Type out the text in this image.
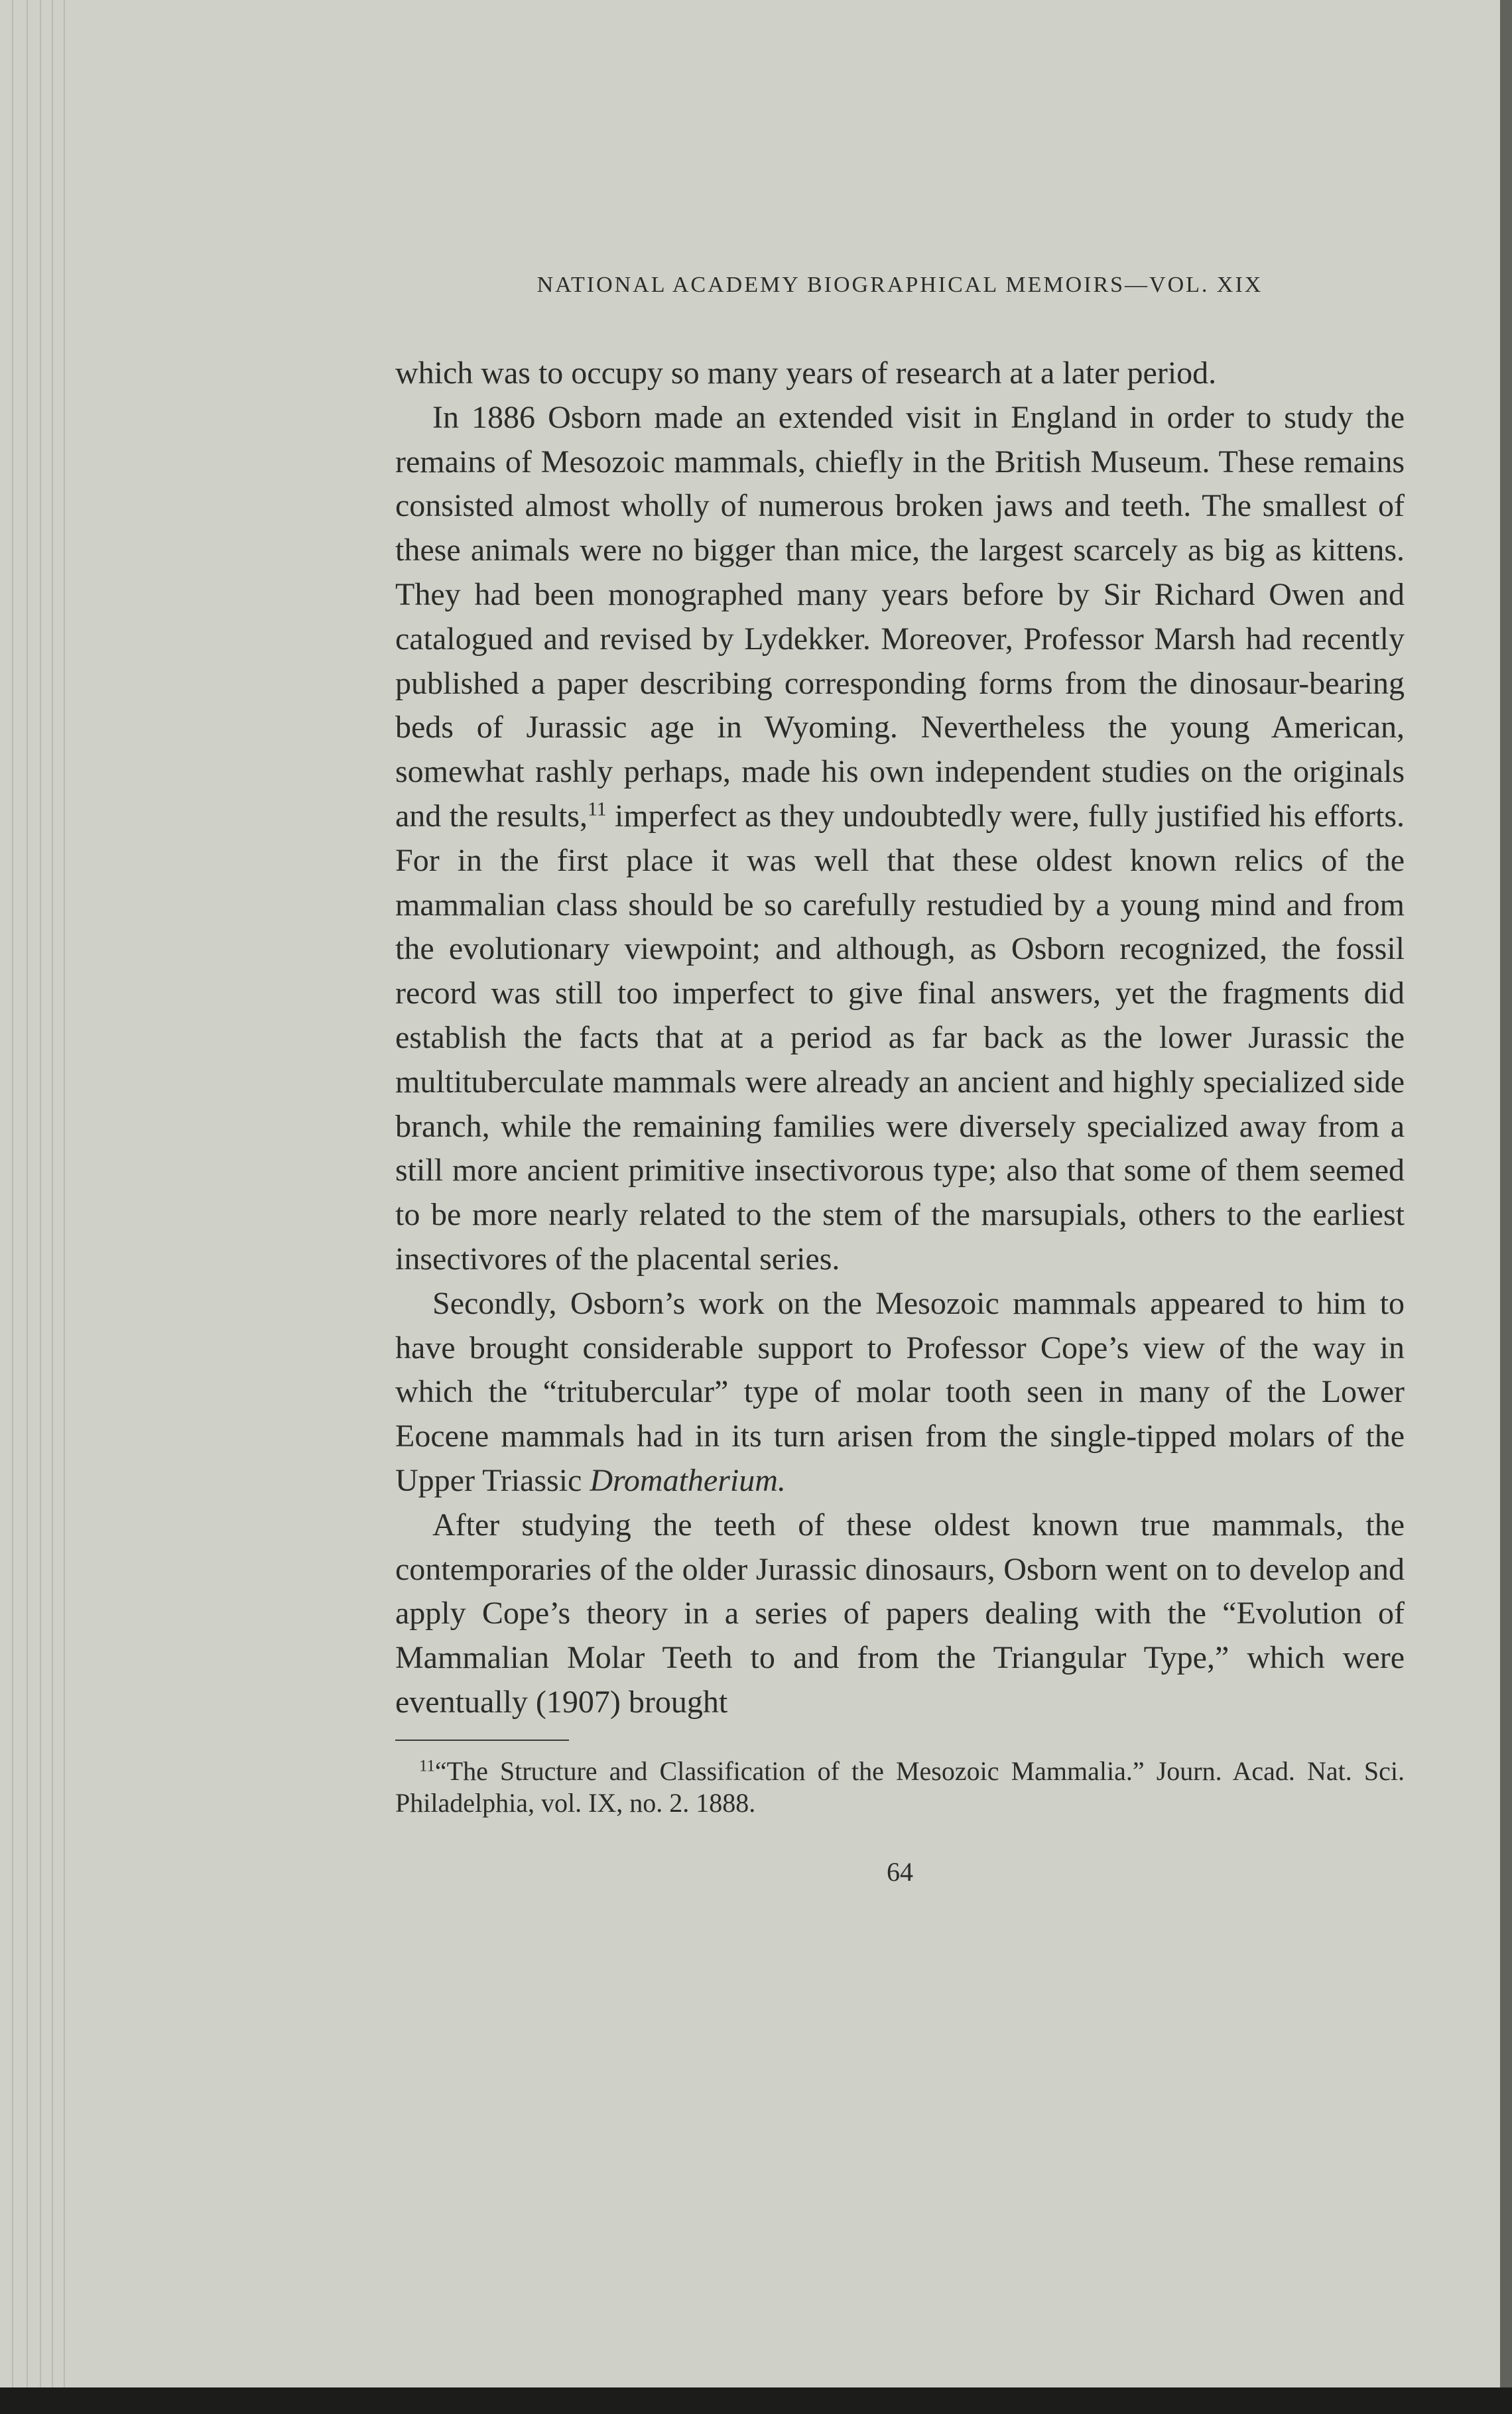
NATIONAL ACADEMY BIOGRAPHICAL MEMOIRS—VOL. XIX

which was to occupy so many years of research at a later period.

In 1886 Osborn made an extended visit in England in order to study the remains of Mesozoic mammals, chiefly in the British Museum. These remains consisted almost wholly of numerous broken jaws and teeth. The smallest of these animals were no bigger than mice, the largest scarcely as big as kittens. They had been monographed many years before by Sir Richard Owen and catalogued and revised by Lydekker. Moreover, Professor Marsh had recently published a paper describing corresponding forms from the dinosaur-bearing beds of Jurassic age in Wyoming. Nevertheless the young American, somewhat rashly perhaps, made his own independent studies on the originals and the results,$^{11}$ imperfect as they undoubtedly were, fully justified his efforts. For in the first place it was well that these oldest known relics of the mammalian class should be so carefully restudied by a young mind and from the evolutionary viewpoint; and although, as Osborn recognized, the fossil record was still too imperfect to give final answers, yet the fragments did establish the facts that at a period as far back as the lower Jurassic the multituberculate mammals were already an ancient and highly specialized side branch, while the remaining families were diversely specialized away from a still more ancient primitive insectivorous type; also that some of them seemed to be more nearly related to the stem of the marsupials, others to the earliest insectivores of the placental series.

Secondly, Osborn’s work on the Mesozoic mammals appeared to him to have brought considerable support to Professor Cope’s view of the way in which the “tritubercular” type of molar tooth seen in many of the Lower Eocene mammals had in its turn arisen from the single-tipped molars of the Upper Triassic Dromatherium.

After studying the teeth of these oldest known true mammals, the contemporaries of the older Jurassic dinosaurs, Osborn went on to develop and apply Cope’s theory in a series of papers dealing with the “Evolution of Mammalian Molar Teeth to and from the Triangular Type,” which were eventually (1907) brought

$^{11}$“The Structure and Classification of the Mesozoic Mammalia.” Journ. Acad. Nat. Sci. Philadelphia, vol. IX, no. 2. 1888.

64
